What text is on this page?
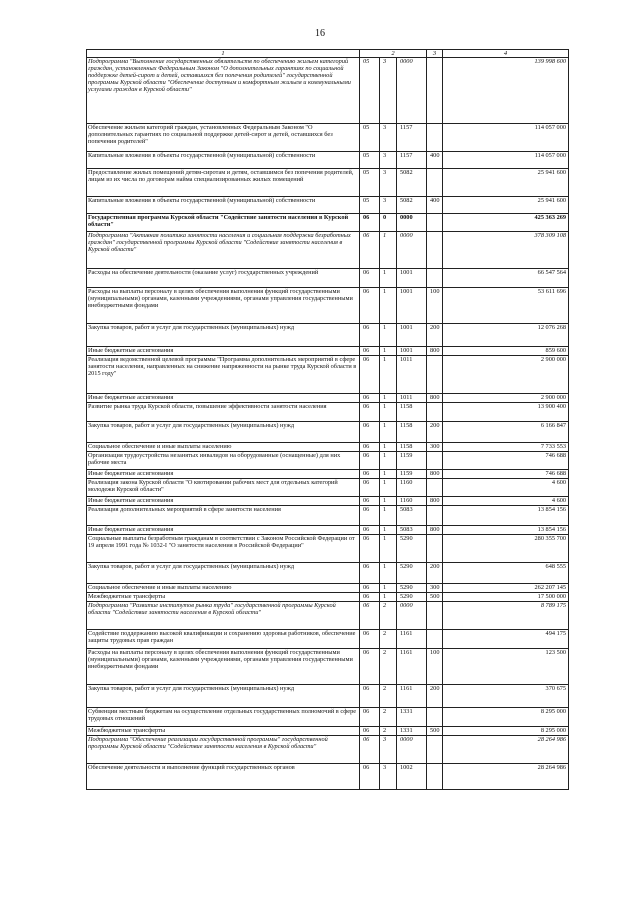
16
1	2			3	4
Подпрограмма "Выполнение государственных обязательств по обеспечению жильем категорий граждан, установленных Федеральным Законом "О дополнительных гарантиях по социальной поддержке детей-сирот и детей, оставшихся без попечения родителей" государственной программы Курской области "Обеспечение доступным и комфортным жильем и коммунальными услугами граждан в Курской области"	05	3	0000		139 998 600
Обеспечение жильем категорий граждан, установленных Федеральным Законом "О дополнительных гарантиях по социальной поддержке детей-сирот и детей, оставшихся без попечения родителей"	05	3	1157		114 057 000
Капитальные вложения в объекты государственной (муниципальной) собственности	05	3	1157	400	114 057 000
Предоставление жилых помещений детям-сиротам и детям, оставшимся без попечения родителей, лицам из их числа по договорам найма специализированных жилых помещений	05	3	5082		25 941 600
Капитальные вложения в объекты государственной (муниципальной) собственности	05	3	5082	400	25 941 600
Государственная программа Курской области "Содействие занятости населения в Курской области"	06	0	0000		425 363 269
Подпрограмма "Активная политика занятости населения и социальная поддержка безработных граждан" государственной программы Курской области "Содействие занятости населения в Курской области"	06	1	0000		378 309 108
Расходы на обеспечение деятельности (оказание услуг) государственных учреждений	06	1	1001		66 547 564
Расходы на выплаты персоналу в целях обеспечения выполнения функций государственными (муниципальными) органами, казенными учреждениями, органами управления государственными внебюджетными фондами	06	1	1001	100	53 611 696
Закупка товаров, работ и услуг для государственных (муниципальных) нужд	06	1	1001	200	12 076 268
Иные бюджетные ассигнования	06	1	1001	800	859 600
Реализация ведомственной целевой программы "Программа дополнительных мероприятий в сфере занятости населения, направленных на снижение напряженности на рынке труда Курской области в 2015 году"	06	1	1011		2 900 000
Иные бюджетные ассигнования	06	1	1011	800	2 900 000
Развитие рынка труда Курской области, повышение эффективности занятости населения	06	1	1158		13 900 400
Закупка товаров, работ и услуг для государственных (муниципальных) нужд	06	1	1158	200	6 166 847
Социальное обеспечение и иные выплаты населению	06	1	1158	300	7 733 553
Организация трудоустройства незанятых инвалидов на оборудованные (оснащенные) для них рабочие места	06	1	1159		746 688
Иные бюджетные ассигнования	06	1	1159	800	746 688
Реализация закона Курской области "О квотировании рабочих мест для отдельных категорий молодежи Курской области"	06	1	1160		4 600
Иные бюджетные ассигнования	06	1	1160	800	4 600
Реализация дополнительных мероприятий в сфере занятости населения	06	1	5083		13 854 156
Иные бюджетные ассигнования	06	1	5083	800	13 854 156
Социальные выплаты безработным гражданам в соответствии с Законом Российской Федерации от 19 апреля 1991 года № 1032-I "О занятости населения в Российской Федерации"	06	1	5290		280 355 700
Закупка товаров, работ и услуг для государственных (муниципальных) нужд	06	1	5290	200	648 555
Социальное обеспечение и иные выплаты населению	06	1	5290	300	262 207 145
Межбюджетные трансферты	06	1	5290	500	17 500 000
Подпрограмма "Развитие институтов рынка труда" государственной программы Курской области "Содействие занятости населения в Курской области"	06	2	0000		8 789 175
Содействие поддержанию высокой квалификации и сохранению здоровья работников, обеспечение защиты трудовых прав граждан	06	2	1161		494 175
Расходы на выплаты персоналу в целях обеспечения выполнения функций государственными (муниципальными) органами, казенными учреждениями, органами управления государственными внебюджетными фондами	06	2	1161	100	123 500
Закупка товаров, работ и услуг для государственных (муниципальных) нужд	06	2	1161	200	370 675
Субвенции местным бюджетам на осуществление отдельных государственных полномочий в сфере трудовых отношений	06	2	1331		8 295 000
Межбюджетные трансферты	06	2	1331	500	8 295 000
Подпрограмма "Обеспечение реализации государственной программы" государственной программы Курской области "Содействие занятости населения в Курской области"	06	3	0000		28 264 986
Обеспечение деятельности и выполнение функций государственных органов	06	3	1002		28 264 986
